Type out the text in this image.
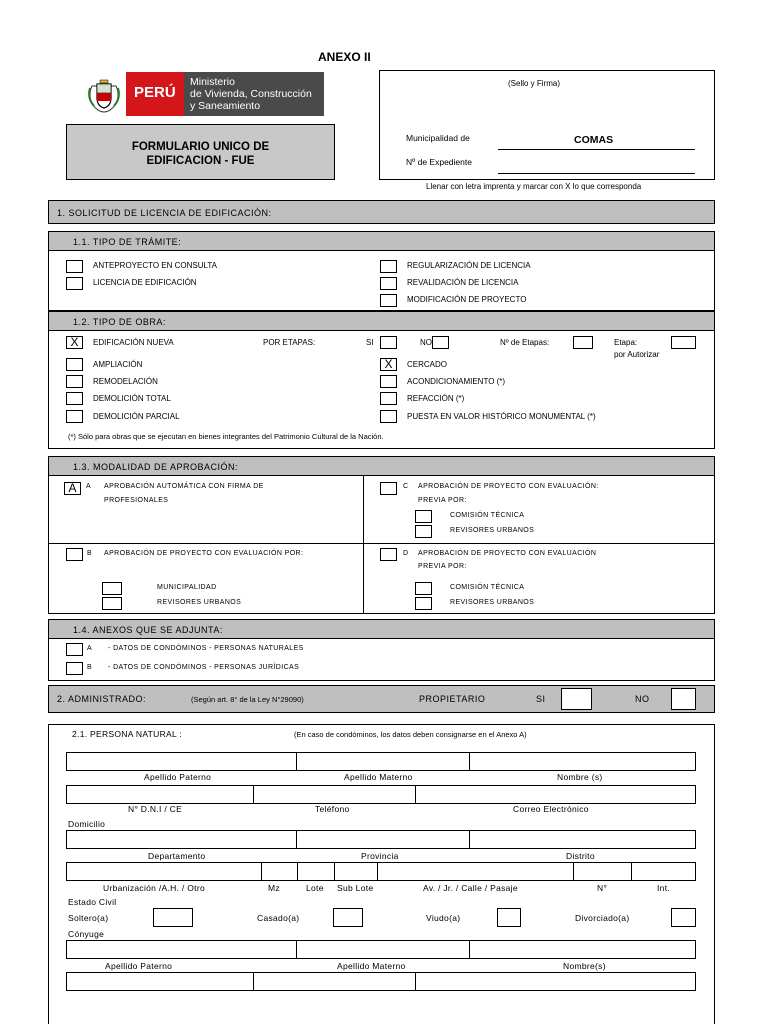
ANEXO II
PERÚ
Ministerio
de Vivienda, Construcción
y Saneamiento
FORMULARIO UNICO DE
EDIFICACION - FUE
(Sello y Firma)
Municipalidad de	COMAS
Nº de Expediente
Llenar con letra imprenta y marcar con X lo que corresponda
1. SOLICITUD DE LICENCIA DE EDIFICACIÓN:
1.1. TIPO DE TRÁMITE:
ANTEPROYECTO EN CONSULTA
LICENCIA DE EDIFICACIÓN
REGULARIZACIÓN DE LICENCIA
REVALIDACIÓN DE LICENCIA
MODIFICACIÓN DE PROYECTO
1.2. TIPO DE OBRA:
X	EDIFICACIÓN NUEVA	POR ETAPAS:	SI	NO	Nº de Etapas:	Etapa:
por Autorizar
AMPLIACIÓN
REMODELACIÓN
DEMOLICIÓN TOTAL
DEMOLICIÓN PARCIAL
X	CERCADO
ACONDICIONAMIENTO (*)
REFACCIÓN (*)
PUESTA EN VALOR HISTÓRICO MONUMENTAL (*)
(*) Sólo para obras que se ejecutan en bienes integrantes del Patrimonio Cultural de la Nación.
1.3. MODALIDAD DE APROBACIÓN:
A	A APROBACIÓN AUTOMÁTICA CON FIRMA DE
PROFESIONALES
C APROBACIÓN DE PROYECTO CON EVALUACIÓN:
PREVIA POR:
COMISIÓN TÉCNICA
REVISORES URBANOS
B APROBACIÓN DE PROYECTO CON EVALUACIÓN POR:
MUNICIPALIDAD
REVISORES URBANOS
D APROBACIÓN DE PROYECTO CON EVALUACIÓN
PREVIA POR:
COMISIÓN TÉCNICA
REVISORES URBANOS
1.4. ANEXOS QUE SE ADJUNTA:
A - DATOS DE CONDÓMINOS - PERSONAS NATURALES
B - DATOS DE CONDÓMINOS - PERSONAS JURÍDICAS
2. ADMINISTRADO:	(Según art. 8° de la Ley N°29090)	PROPIETARIO	SI	NO
2.1. PERSONA NATURAL :	(En caso de condóminos, los datos deben consignarse en el Anexo A)
Apellido Paterno	Apellido Materno	Nombre (s)
N° D.N.I / CE	Teléfono	Correo Electrónico
Domicilio
Departamento	Provincia	Distrito
Urbanización /A.H. / Otro	Mz	Lote Sub Lote	Av. / Jr. / Calle / Pasaje	N°	Int.
Estado Civil
Soltero(a)	Casado(a)	Viudo(a)	Divorciado(a)
Cónyuge
Apellido Paterno	Apellido Materno	Nombre(s)
